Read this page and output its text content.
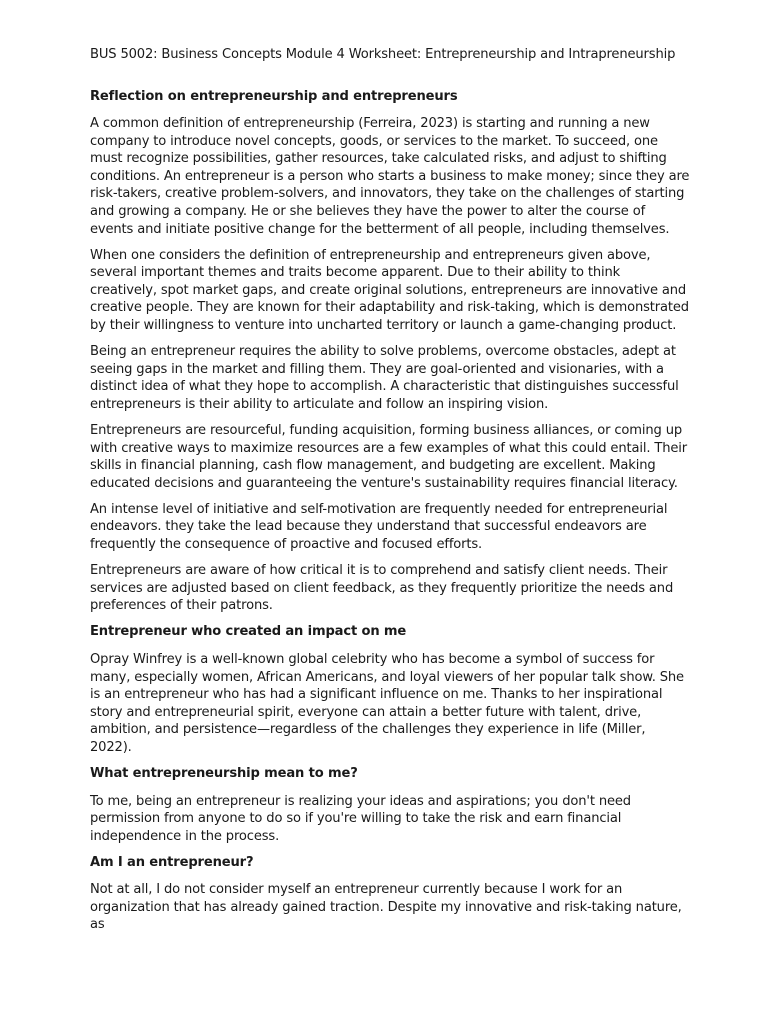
BUS 5002: Business Concepts Module 4 Worksheet: Entrepreneurship and Intrapreneurship
Reflection on entrepreneurship and entrepreneurs

A common definition of entrepreneurship (Ferreira, 2023) is starting and running a new company to introduce novel concepts, goods, or services to the market. To succeed, one must recognize possibilities, gather resources, take calculated risks, and adjust to shifting conditions. An entrepreneur is a person who starts a business to make money; since they are risk-takers, creative problem-solvers, and innovators, they take on the challenges of starting and growing a company. He or she believes they have the power to alter the course of events and initiate positive change for the betterment of all people, including themselves.

When one considers the definition of entrepreneurship and entrepreneurs given above, several important themes and traits become apparent. Due to their ability to think creatively, spot market gaps, and create original solutions, entrepreneurs are innovative and creative people. They are known for their adaptability and risk-taking, which is demonstrated by their willingness to venture into uncharted territory or launch a game-changing product.

Being an entrepreneur requires the ability to solve problems, overcome obstacles, adept at seeing gaps in the market and filling them. They are goal-oriented and visionaries, with a distinct idea of what they hope to accomplish. A characteristic that distinguishes successful entrepreneurs is their ability to articulate and follow an inspiring vision.

Entrepreneurs are resourceful, funding acquisition, forming business alliances, or coming up with creative ways to maximize resources are a few examples of what this could entail. Their skills in financial planning, cash flow management, and budgeting are excellent. Making educated decisions and guaranteeing the venture's sustainability requires financial literacy.

An intense level of initiative and self-motivation are frequently needed for entrepreneurial endeavors. they take the lead because they understand that successful endeavors are frequently the consequence of proactive and focused efforts.

Entrepreneurs are aware of how critical it is to comprehend and satisfy client needs. Their services are adjusted based on client feedback, as they frequently prioritize the needs and preferences of their patrons.

Entrepreneur who created an impact on me

Opray Winfrey is a well-known global celebrity who has become a symbol of success for many, especially women, African Americans, and loyal viewers of her popular talk show. She is an entrepreneur who has had a significant influence on me. Thanks to her inspirational story and entrepreneurial spirit, everyone can attain a better future with talent, drive, ambition, and persistence—regardless of the challenges they experience in life (Miller, 2022).

What entrepreneurship mean to me?

To me, being an entrepreneur is realizing your ideas and aspirations; you don't need permission from anyone to do so if you're willing to take the risk and earn financial independence in the process.

Am I an entrepreneur?

Not at all, I do not consider myself an entrepreneur currently because I work for an organization that has already gained traction. Despite my innovative and risk-taking nature, as
